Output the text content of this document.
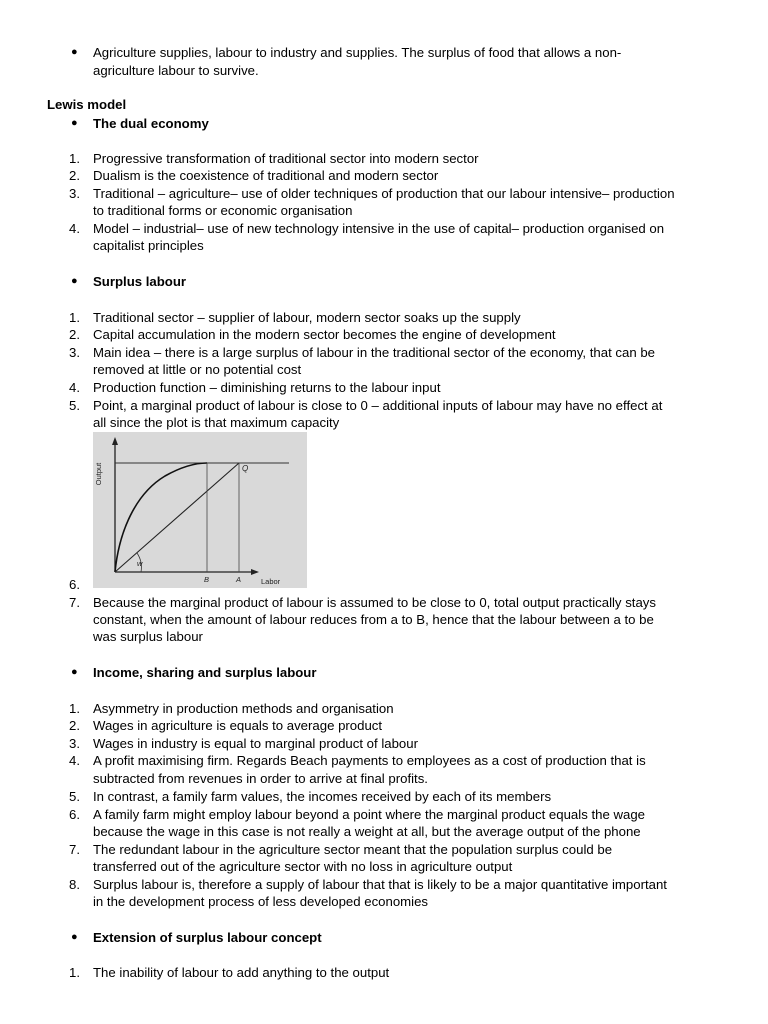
● Agriculture supplies, labour to industry and supplies. The surplus of food that allows a non-
agriculture labour to survive.
Lewis model
● The dual economy
1. Progressive transformation of traditional sector into modern sector
2. Dualism is the coexistence of traditional and modern sector
3. Traditional – agriculture– use of older techniques of production that our labour intensive– production
to traditional forms or economic organisation
4. Model – industrial– use of new technology intensive in the use of capital– production organised on
capitalist principles
● Surplus labour
1. Traditional sector – supplier of labour, modern sector soaks up the supply
2. Capital accumulation in the modern sector becomes the engine of development
3. Main idea – there is a large surplus of labour in the traditional sector of the economy, that can be
removed at little or no potential cost
4. Production function – diminishing returns to the labour input
5. Point, a marginal product of labour is close to 0 – additional inputs of labour may have no effect at
all since the plot is that maximum capacity
6.
Output
Labor
Q
B	A
w
7. Because the marginal product of labour is assumed to be close to 0, total output practically stays
constant, when the amount of labour reduces from a to B, hence that the labour between a to be
was surplus labour
● Income, sharing and surplus labour
1. Asymmetry in production methods and organisation
2. Wages in agriculture is equals to average product
3. Wages in industry is equal to marginal product of labour
4. A profit maximising firm. Regards Beach payments to employees as a cost of production that is
subtracted from revenues in order to arrive at final profits.
5. In contrast, a family farm values, the incomes received by each of its members
6. A family farm might employ labour beyond a point where the marginal product equals the wage
because the wage in this case is not really a weight at all, but the average output of the phone
7. The redundant labour in the agriculture sector meant that the population surplus could be
transferred out of the agriculture sector with no loss in agriculture output
8. Surplus labour is, therefore a supply of labour that that is likely to be a major quantitative important
in the development process of less developed economies
● Extension of surplus labour concept
1. The inability of labour to add anything to the output
